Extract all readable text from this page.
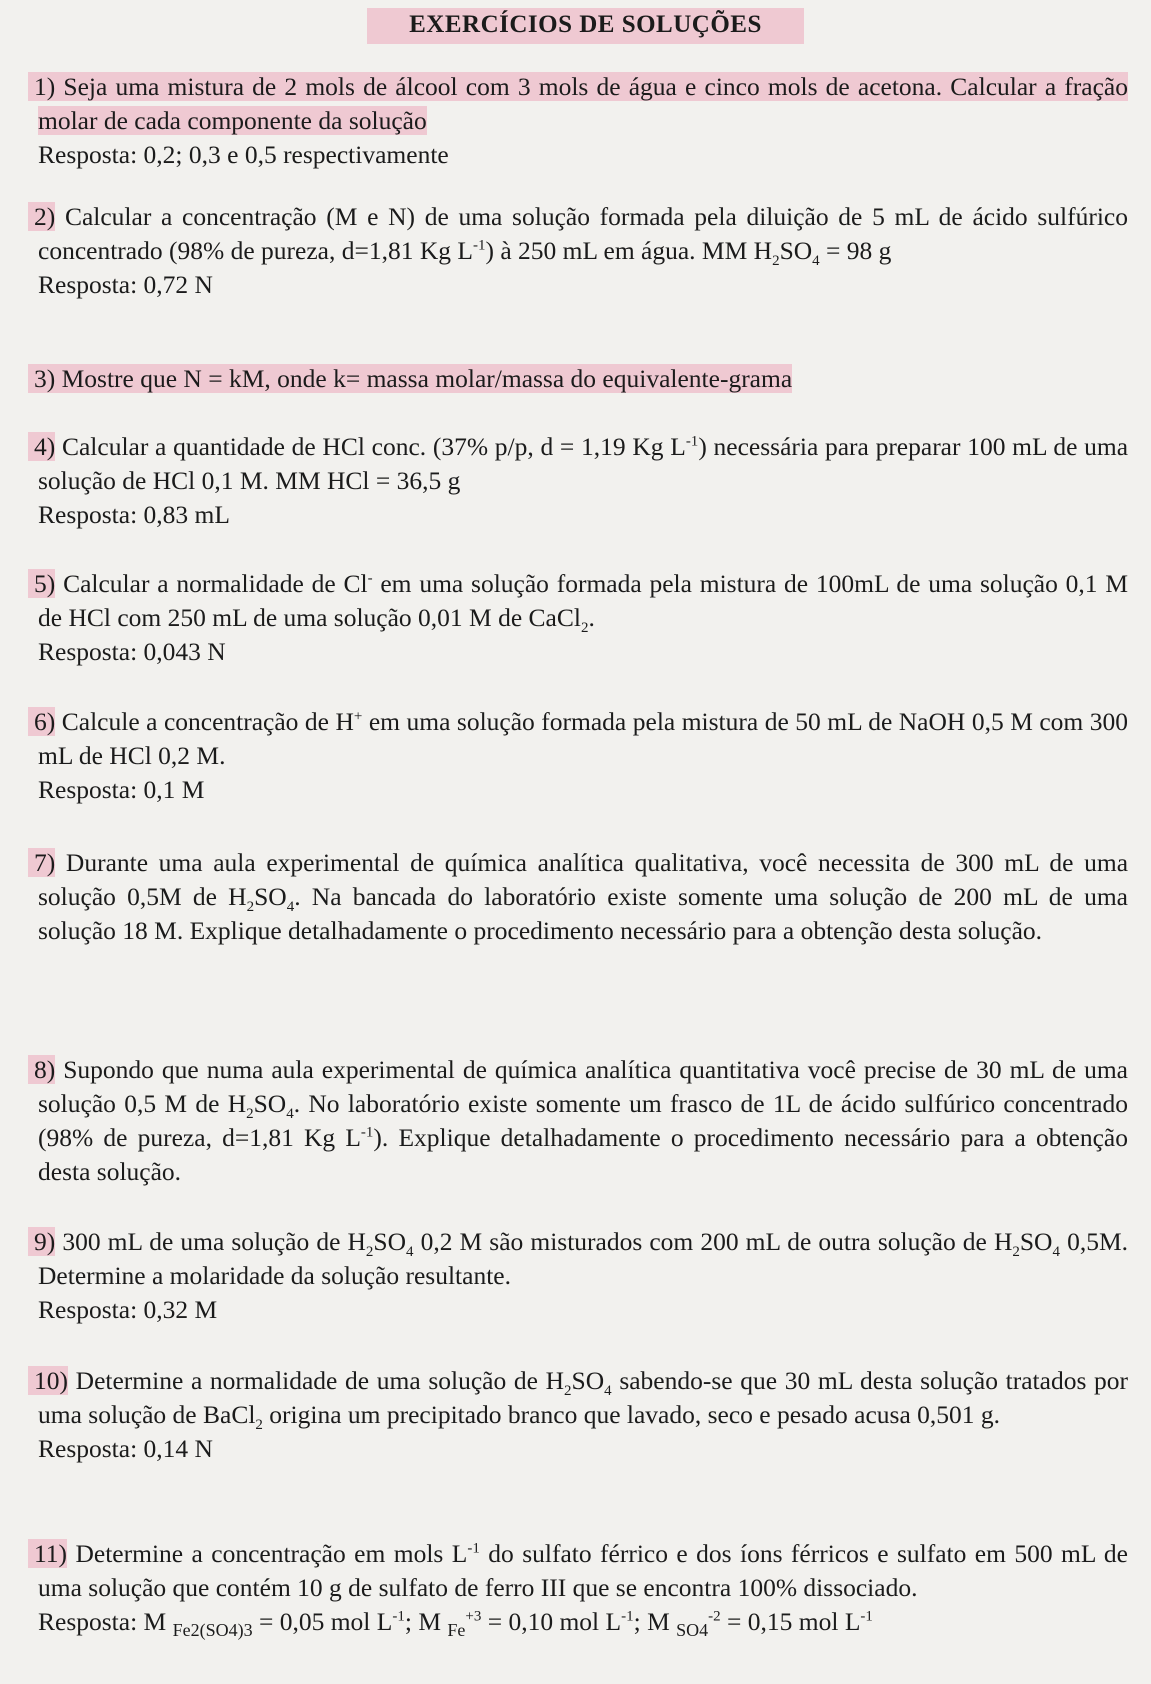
EXERCÍCIOS DE SOLUÇÕES

1) Seja uma mistura de 2 mols de álcool com 3 mols de água e cinco mols de acetona. Calcular a fração molar de cada componente da solução

Resposta: 0,2; 0,3 e 0,5 respectivamente

2) Calcular a concentração (M e N) de uma solução formada pela diluição de 5 mL de ácido sulfúrico concentrado (98% de pureza, d=1,81 Kg $L^{-1}$) à 250 mL em água. MM $H_2SO_4 = 98$ g

Resposta: 0,72 N

3) Mostre que N = kM, onde k= massa molar/massa do equivalente-grama

4) Calcular a quantidade de HCl conc. (37% p/p, d = 1,19 Kg $L^{-1}$) necessária para preparar 100 mL de uma solução de HCl 0,1 M. MM HCl = 36,5 g

Resposta: 0,83 mL

5) Calcular a normalidade de Cl- em uma solução formada pela mistura de 100mL de uma solução 0,1 M de HCl com 250 mL de uma solução 0,01 M de CaCl$_2$.

Resposta: 0,043 N

6) Calcule a concentração de H+ em uma solução formada pela mistura de 50 mL de NaOH 0,5 M com 300 mL de HCl 0,2 M.

Resposta: 0,1 M

7) Durante uma aula experimental de química analítica qualitativa, você necessita de 300 mL de uma solução 0,5M de $H_2SO_4$. Na bancada do laboratório existe somente uma solução de 200 mL de uma solução 18 M. Explique detalhadamente o procedimento necessário para a obtenção desta solução.

8) Supondo que numa aula experimental de química analítica quantitativa você precise de 30 mL de uma solução 0,5 M de $H_2SO_4$. No laboratório existe somente um frasco de 1L de ácido sulfúrico concentrado (98% de pureza, d=1,81 Kg $L^{-1}$). Explique detalhadamente o procedimento necessário para a obtenção desta solução.

9) 300 mL de uma solução de $H_2SO_4$ 0,2 M são misturados com 200 mL de outra solução de $H_2SO_4$ 0,5M. Determine a molaridade da solução resultante.

Resposta: 0,32 M

10) Determine a normalidade de uma solução de $H_2SO_4$ sabendo-se que 30 mL desta solução tratados por uma solução de BaCl$_2$ origina um precipitado branco que lavado, seco e pesado acusa 0,501 g.

Resposta: 0,14 N

11) Determine a concentração em mols $L^{-1}$ do sulfato férrico e dos íons férricos e sulfato em 500 mL de uma solução que contém 10 g de sulfato de ferro III que se encontra 100% dissociado.

Resposta: M $_{Fe2(SO4)3}$ = 0,05 mol $L^{-1}$; M $_{Fe}^{+3}$ = 0,10 mol $L^{-1}$; M $_{SO4}^{-2}$ = 0,15 mol $L^{-1}$
